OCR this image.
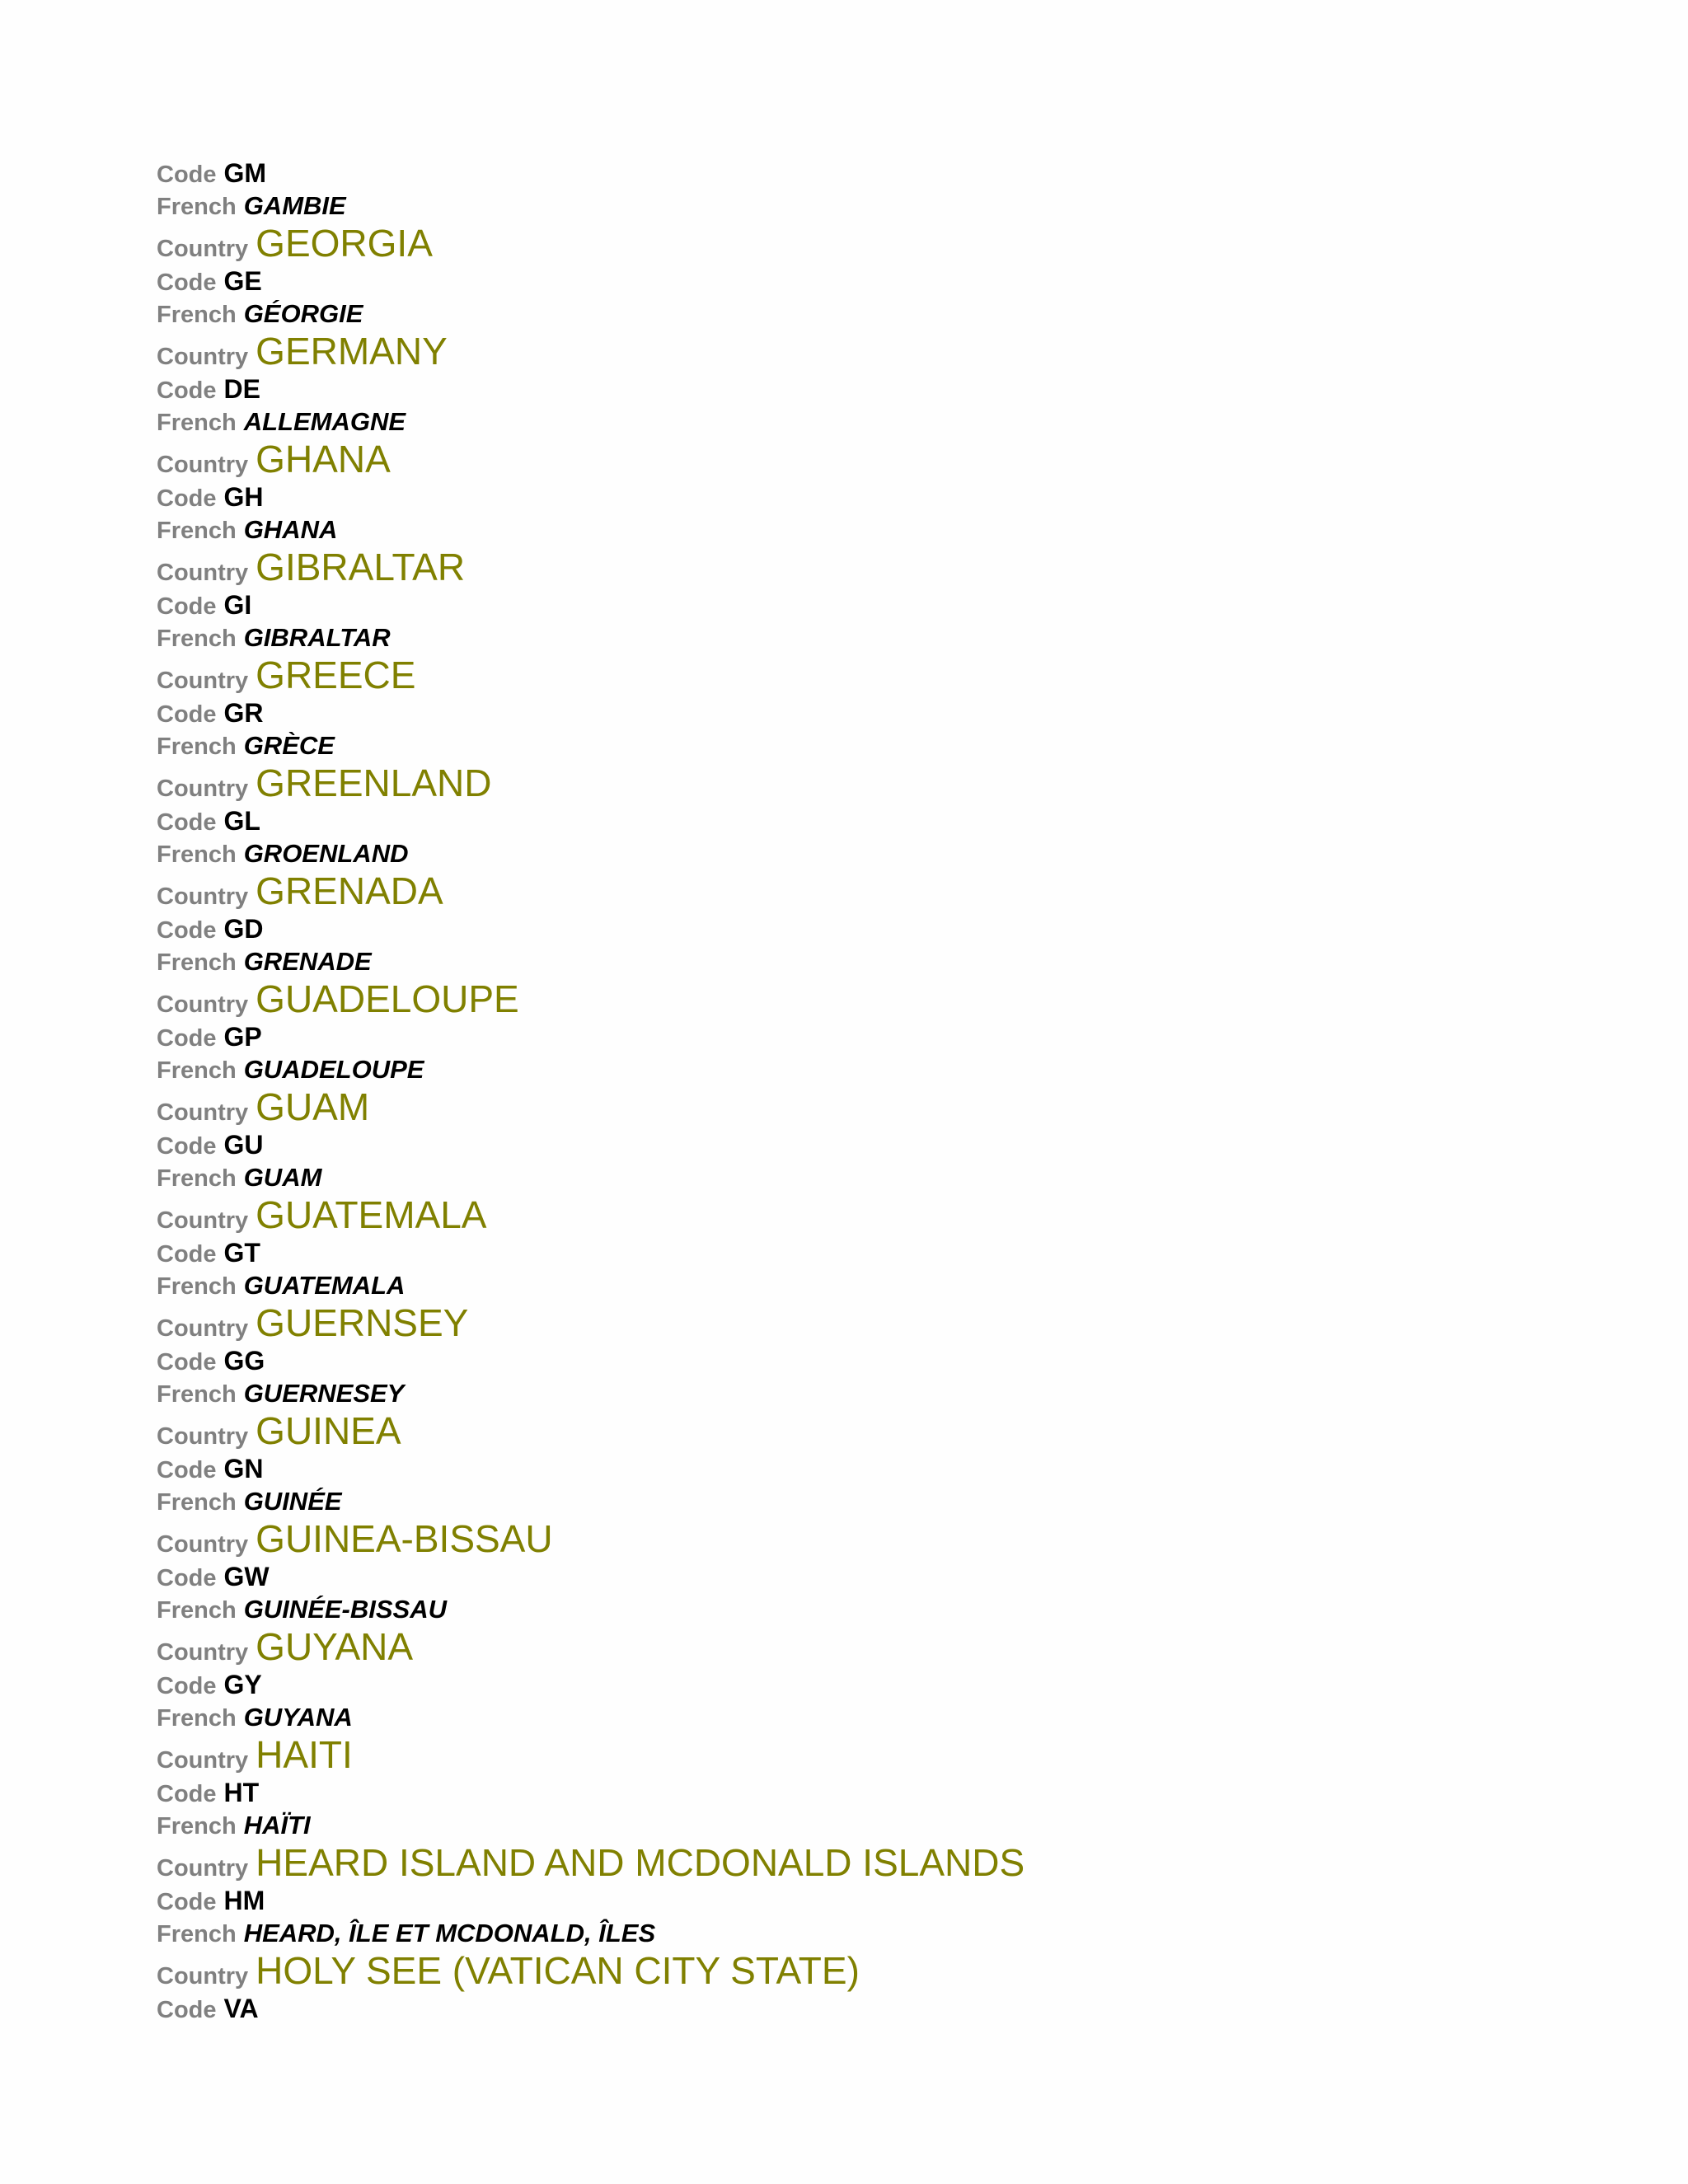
Code GM
French GAMBIE
Country GEORGIA
Code GE
French GÉORGIE
Country GERMANY
Code DE
French ALLEMAGNE
Country GHANA
Code GH
French GHANA
Country GIBRALTAR
Code GI
French GIBRALTAR
Country GREECE
Code GR
French GRÈCE
Country GREENLAND
Code GL
French GROENLAND
Country GRENADA
Code GD
French GRENADE
Country GUADELOUPE
Code GP
French GUADELOUPE
Country GUAM
Code GU
French GUAM
Country GUATEMALA
Code GT
French GUATEMALA
Country GUERNSEY
Code GG
French GUERNESEY
Country GUINEA
Code GN
French GUINÉE
Country GUINEA-BISSAU
Code GW
French GUINÉE-BISSAU
Country GUYANA
Code GY
French GUYANA
Country HAITI
Code HT
French HAÏTI
Country HEARD ISLAND AND MCDONALD ISLANDS
Code HM
French HEARD, ÎLE ET MCDONALD, ÎLES
Country HOLY SEE (VATICAN CITY STATE)
Code VA
